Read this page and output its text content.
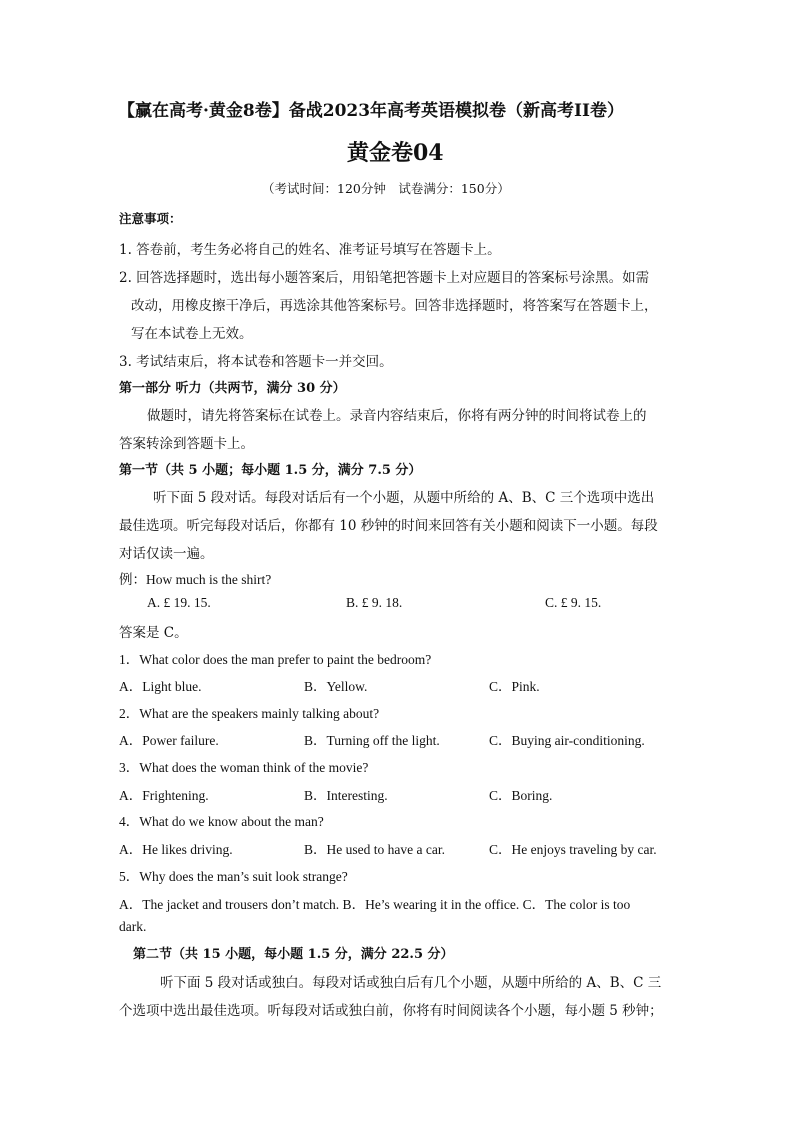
【赢在高考·黄金8卷】备战2023年高考英语模拟卷（新高考II卷）
黄金卷04
（考试时间：120分钟　试卷满分：150分）
注意事项：
1. 答卷前，考生务必将自己的姓名、准考证号填写在答题卡上。
2. 回答选择题时，选出每小题答案后，用铅笔把答题卡上对应题目的答案标号涂黑。如需
改动，用橡皮擦干净后，再选涂其他答案标号。回答非选择题时，将答案写在答题卡上，
写在本试卷上无效。
3. 考试结束后，将本试卷和答题卡一并交回。
第一部分 听力（共两节，满分 30 分）
做题时，请先将答案标在试卷上。录音内容结束后，你将有两分钟的时间将试卷上的
答案转涂到答题卡上。
第一节（共 5 小题；每小题 1.5 分，满分 7.5 分）
听下面 5 段对话。每段对话后有一个小题，从题中所给的 A、B、C 三个选项中选出
最佳选项。听完每段对话后，你都有 10 秒钟的时间来回答有关小题和阅读下一小题。每段
对话仅读一遍。
例：How much is the shirt?
A. £ 19. 15.	B. £ 9. 18.	C. £ 9. 15.
答案是 C。
1．What color does the man prefer to paint the bedroom?
A．Light blue.	B．Yellow.	C．Pink.
2．What are the speakers mainly talking about?
A．Power failure.	B．Turning off the light.	C．Buying air-conditioning.
3．What does the woman think of the movie?
A．Frightening.	B．Interesting.	C．Boring.
4．What do we know about the man?
A．He likes driving.	B．He used to have a car.	C．He enjoys traveling by car.
5．Why does the man’s suit look strange?
A．The jacket and trousers don’t match. B．He’s wearing it in the office. C．The color is too
dark.
第二节（共 15 小题，每小题 1.5 分，满分 22.5 分）
听下面 5 段对话或独白。每段对话或独白后有几个小题，从题中所给的 A、B、C 三
个选项中选出最佳选项。听每段对话或独白前，你将有时间阅读各个小题，每小题 5 秒钟；
